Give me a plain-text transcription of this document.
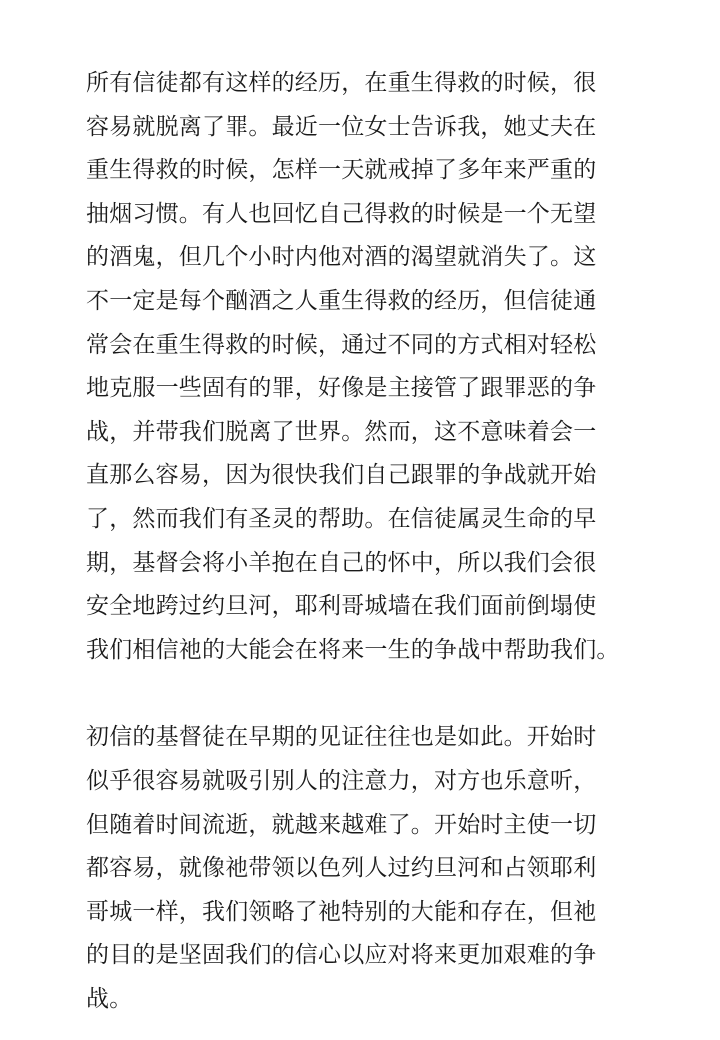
所有信徒都有这样的经历，在重生得救的时候，很
容易就脱离了罪。最近一位女士告诉我，她丈夫在
重生得救的时候，怎样一天就戒掉了多年来严重的
抽烟习惯。有人也回忆自己得救的时候是一个无望
的酒鬼，但几个小时内他对酒的渴望就消失了。这
不一定是每个酗酒之人重生得救的经历，但信徒通
常会在重生得救的时候，通过不同的方式相对轻松
地克服一些固有的罪，好像是主接管了跟罪恶的争
战，并带我们脱离了世界。然而，这不意味着会一
直那么容易，因为很快我们自己跟罪的争战就开始
了，然而我们有圣灵的帮助。在信徒属灵生命的早
期，基督会将小羊抱在自己的怀中，所以我们会很
安全地跨过约旦河，耶利哥城墙在我们面前倒塌使
我们相信祂的大能会在将来一生的争战中帮助我们。

初信的基督徒在早期的见证往往也是如此。开始时
似乎很容易就吸引别人的注意力，对方也乐意听，
但随着时间流逝，就越来越难了。开始时主使一切
都容易，就像祂带领以色列人过约旦河和占领耶利
哥城一样，我们领略了祂特别的大能和存在，但祂
的目的是坚固我们的信心以应对将来更加艰难的争
战。
